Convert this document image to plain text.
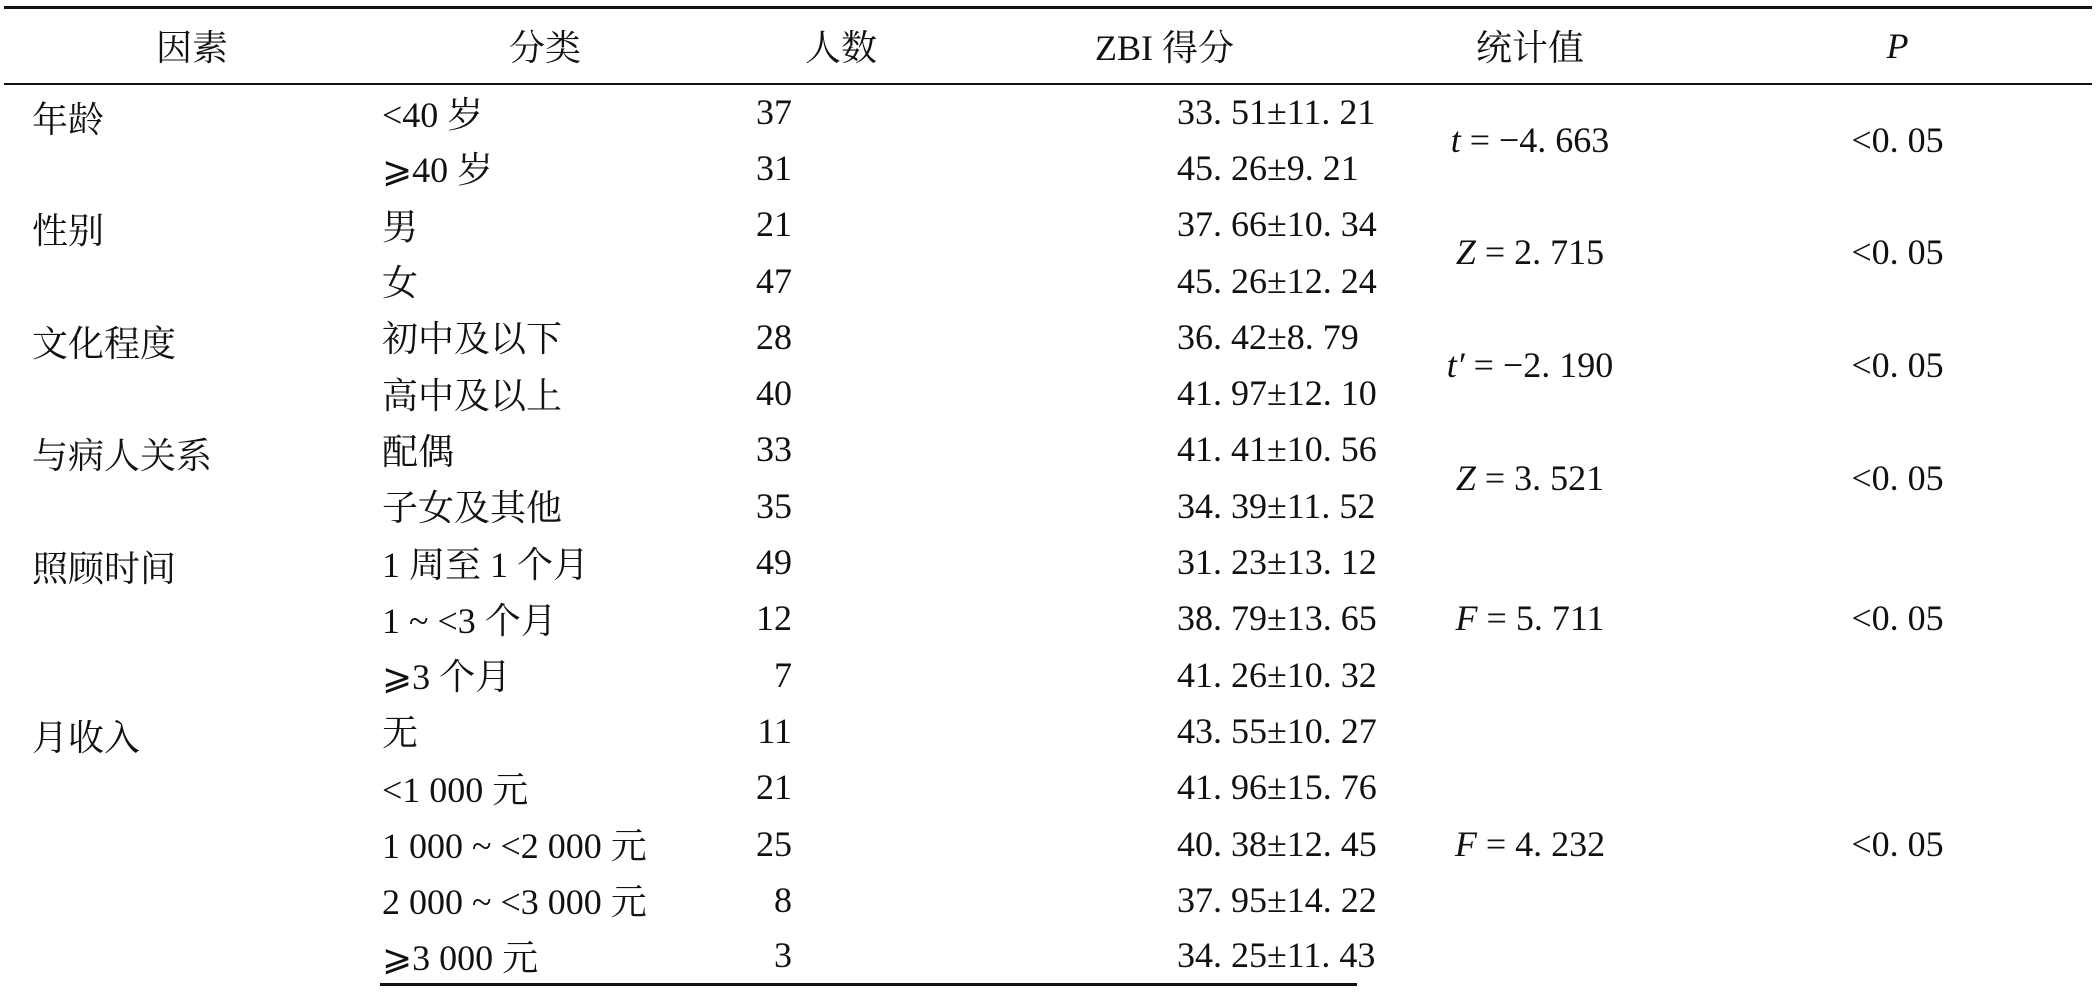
因素	分类	人数	ZBI 得分	统计值	P
年龄	<40 岁	37	33. 51±11. 21	t = −4. 663	<0. 05
	⩾40 岁	31	45. 26±9. 21		
性别	男	21	37. 66±10. 34	Z = 2. 715	<0. 05
	女	47	45. 26±12. 24		
文化程度	初中及以下	28	36. 42±8. 79	t′ = −2. 190	<0. 05
	高中及以上	40	41. 97±12. 10		
与病人关系	配偶	33	41. 41±10. 56	Z = 3. 521	<0. 05
	子女及其他	35	34. 39±11. 52		
照顾时间	1 周至 1 个月	49	31. 23±13. 12	F = 5. 711	<0. 05
	1 ~ <3 个月	12	38. 79±13. 65		
	⩾3 个月	7	41. 26±10. 32		
月收入	无	11	43. 55±10. 27	F = 4. 232	<0. 05
	<1 000 元	21	41. 96±15. 76		
	1 000 ~ <2 000 元	25	40. 38±12. 45		
	2 000 ~ <3 000 元	8	37. 95±14. 22		
	⩾3 000 元	3	34. 25±11. 43		
